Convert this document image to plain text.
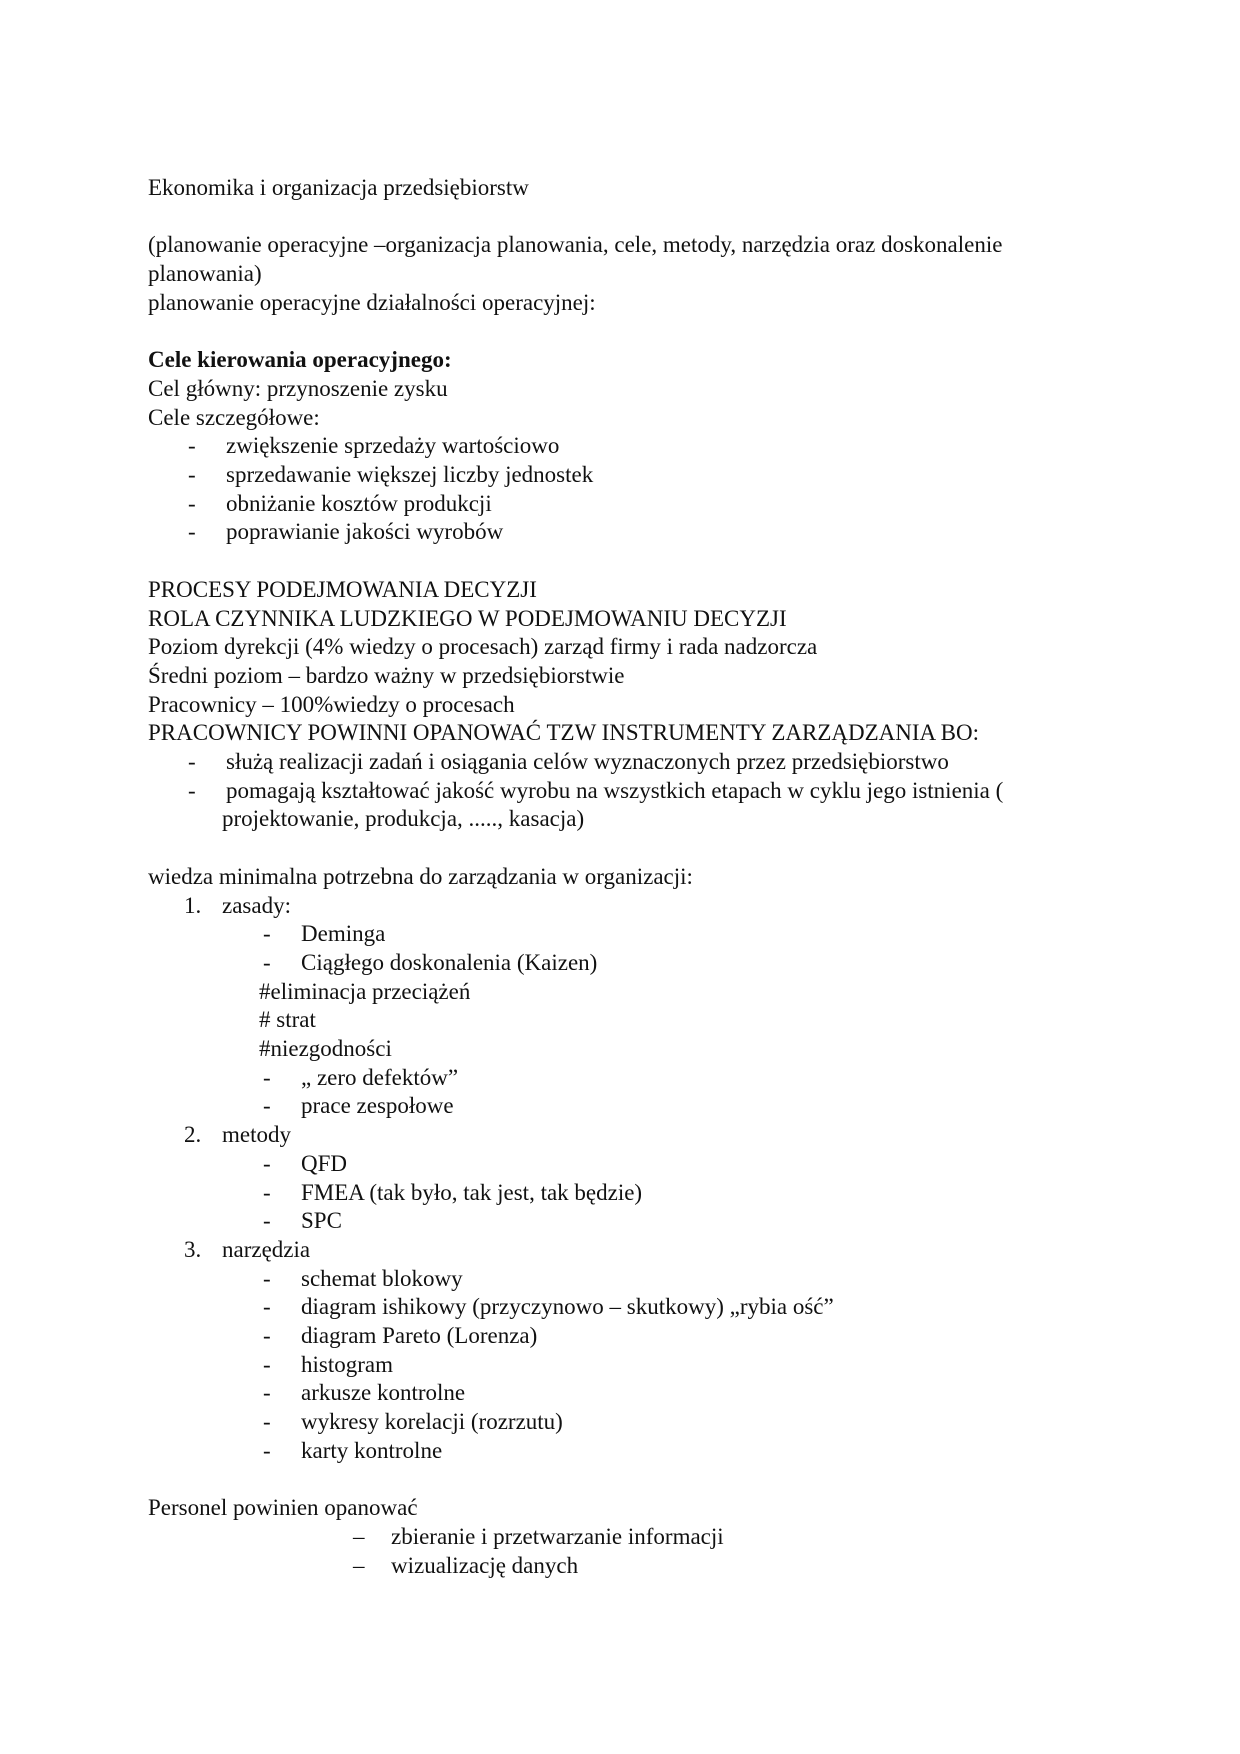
Ekonomika i organizacja przedsiębiorstw
(planowanie operacyjne –organizacja planowania, cele, metody, narzędzia oraz doskonalenie
planowania)
planowanie operacyjne działalności operacyjnej:
Cele kierowania operacyjnego:
Cel główny: przynoszenie zysku
Cele szczegółowe:
- zwiększenie sprzedaży wartościowo
- sprzedawanie większej liczby jednostek
- obniżanie kosztów produkcji
- poprawianie jakości wyrobów
PROCESY PODEJMOWANIA DECYZJI
ROLA CZYNNIKA LUDZKIEGO W PODEJMOWANIU DECYZJI
Poziom dyrekcji (4% wiedzy o procesach) zarząd firmy i rada nadzorcza
Średni poziom – bardzo ważny w przedsiębiorstwie
Pracownicy – 100%wiedzy o procesach
PRACOWNICY POWINNI OPANOWAĆ TZW INSTRUMENTY ZARZĄDZANIA BO:
- służą realizacji zadań i osiągania celów wyznaczonych przez przedsiębiorstwo
- pomagają kształtować jakość wyrobu na wszystkich etapach w cyklu jego istnienia (
projektowanie, produkcja, ....., kasacja)
wiedza minimalna potrzebna do zarządzania w organizacji:
1. zasady:
- Deminga
- Ciągłego doskonalenia (Kaizen)
#eliminacja przeciążeń
# strat
#niezgodności
- „ zero defektów”
- prace zespołowe
2. metody
- QFD
- FMEA (tak było, tak jest, tak będzie)
- SPC
3. narzędzia
- schemat blokowy
- diagram ishikowy (przyczynowo – skutkowy) „rybia ość”
- diagram Pareto (Lorenza)
- histogram
- arkusze kontrolne
- wykresy korelacji (rozrzutu)
- karty kontrolne
Personel powinien opanować
– zbieranie i przetwarzanie informacji
– wizualizację danych
